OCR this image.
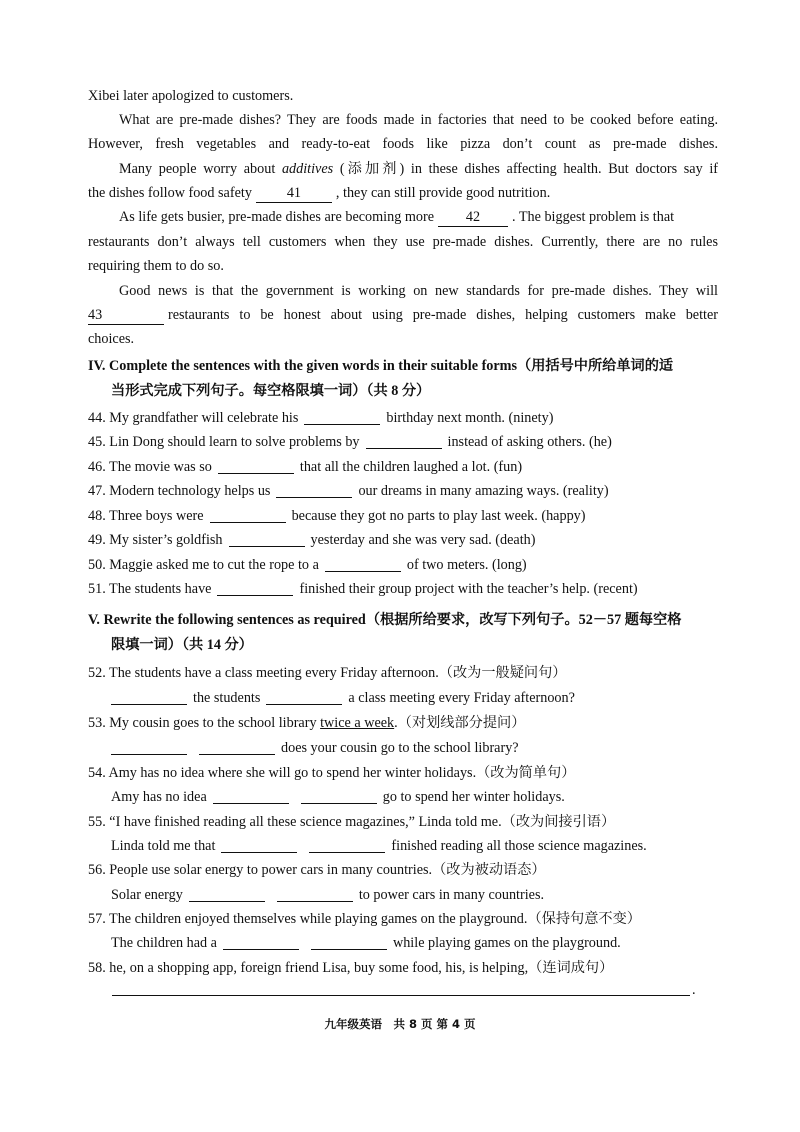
Xibei later apologized to customers.
What are pre-made dishes? They are foods made in factories that need to be cooked before eating.
However, fresh vegetables and ready-to-eat foods like pizza don’t count as pre-made dishes.
Many people worry about additives (添加剂) in these dishes affecting health. But doctors say if
the dishes follow food safety 41 , they can still provide good nutrition.
As life gets busier, pre-made dishes are becoming more 42 . The biggest problem is that
restaurants don’t always tell customers when they use pre-made dishes. Currently, there are no rules
requiring them to do so.
Good news is that the government is working on new standards for pre-made dishes. They will
43	restaurants to be honest about using pre-made dishes, helping customers make better
choices.
IV. Complete the sentences with the given words in their suitable forms（用括号中所给单词的适
当形式完成下列句子。每空格限填一词）（共 8 分）
44. My grandfather will celebrate his	birthday next month. (ninety)
45. Lin Dong should learn to solve problems by	instead of asking others. (he)
46. The movie was so	that all the children laughed a lot. (fun)
47. Modern technology helps us	our dreams in many amazing ways. (reality)
48. Three boys were	because they got no parts to play last week. (happy)
49. My sister’s goldfish	yesterday and she was very sad. (death)
50. Maggie asked me to cut the rope to a	of two meters. (long)
51. The students have	finished their group project with the teacher’s help. (recent)
V. Rewrite the following sentences as required（根据所给要求，改写下列句子。52－57 题每空格
限填一词）（共 14 分）
52. The students have a class meeting every Friday afternoon.（改为一般疑问句）
the students	a class meeting every Friday afternoon?
53. My cousin goes to the school library twice a week.（对划线部分提问）
does your cousin go to the school library?
54. Amy has no idea where she will go to spend her winter holidays.（改为简单句）
Amy has no idea	go to spend her winter holidays.
55. “I have finished reading all these science magazines,” Linda told me.（改为间接引语）
Linda told me that	finished reading all those science magazines.
56. People use solar energy to power cars in many countries.（改为被动语态）
Solar energy	to power cars in many countries.
57. The children enjoyed themselves while playing games on the playground.（保持句意不变）
The children had a	while playing games on the playground.
58. he, on a shopping app, foreign friend Lisa, buy some food, his, is helping,（连词成句）
.
九年级英语　共 8 页 第 4 页
